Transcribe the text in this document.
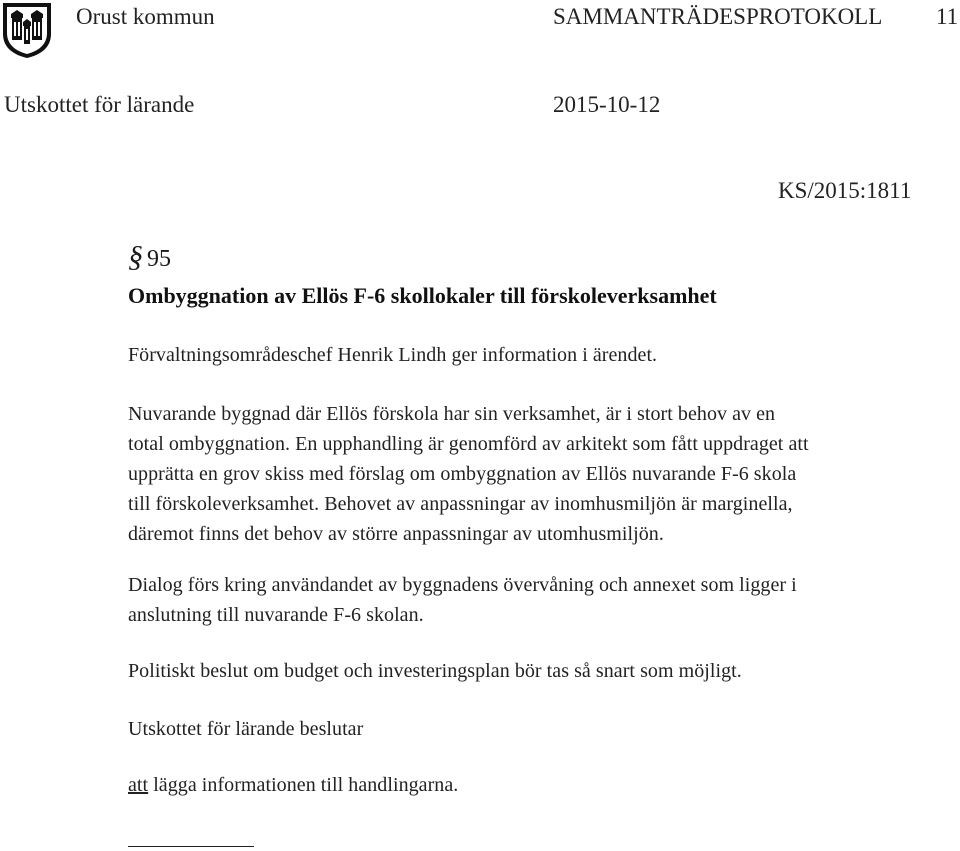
Orust kommun	SAMMANTRÄDESPROTOKOLL 11
Utskottet för lärande	2015-10-12
KS/2015:1811
§ 95
Ombyggnation av Ellös F-6 skollokaler till förskoleverksamhet
Förvaltningsområdeschef Henrik Lindh ger information i ärendet.
Nuvarande byggnad där Ellös förskola har sin verksamhet, är i stort behov av en
total ombyggnation. En upphandling är genomförd av arkitekt som fått uppdraget att
upprätta en grov skiss med förslag om ombyggnation av Ellös nuvarande F-6 skola
till förskoleverksamhet. Behovet av anpassningar av inomhusmiljön är marginella,
däremot finns det behov av större anpassningar av utomhusmiljön.
Dialog förs kring användandet av byggnadens övervåning och annexet som ligger i
anslutning till nuvarande F-6 skolan.
Politiskt beslut om budget och investeringsplan bör tas så snart som möjligt.
Utskottet för lärande beslutar
att lägga informationen till handlingarna.
